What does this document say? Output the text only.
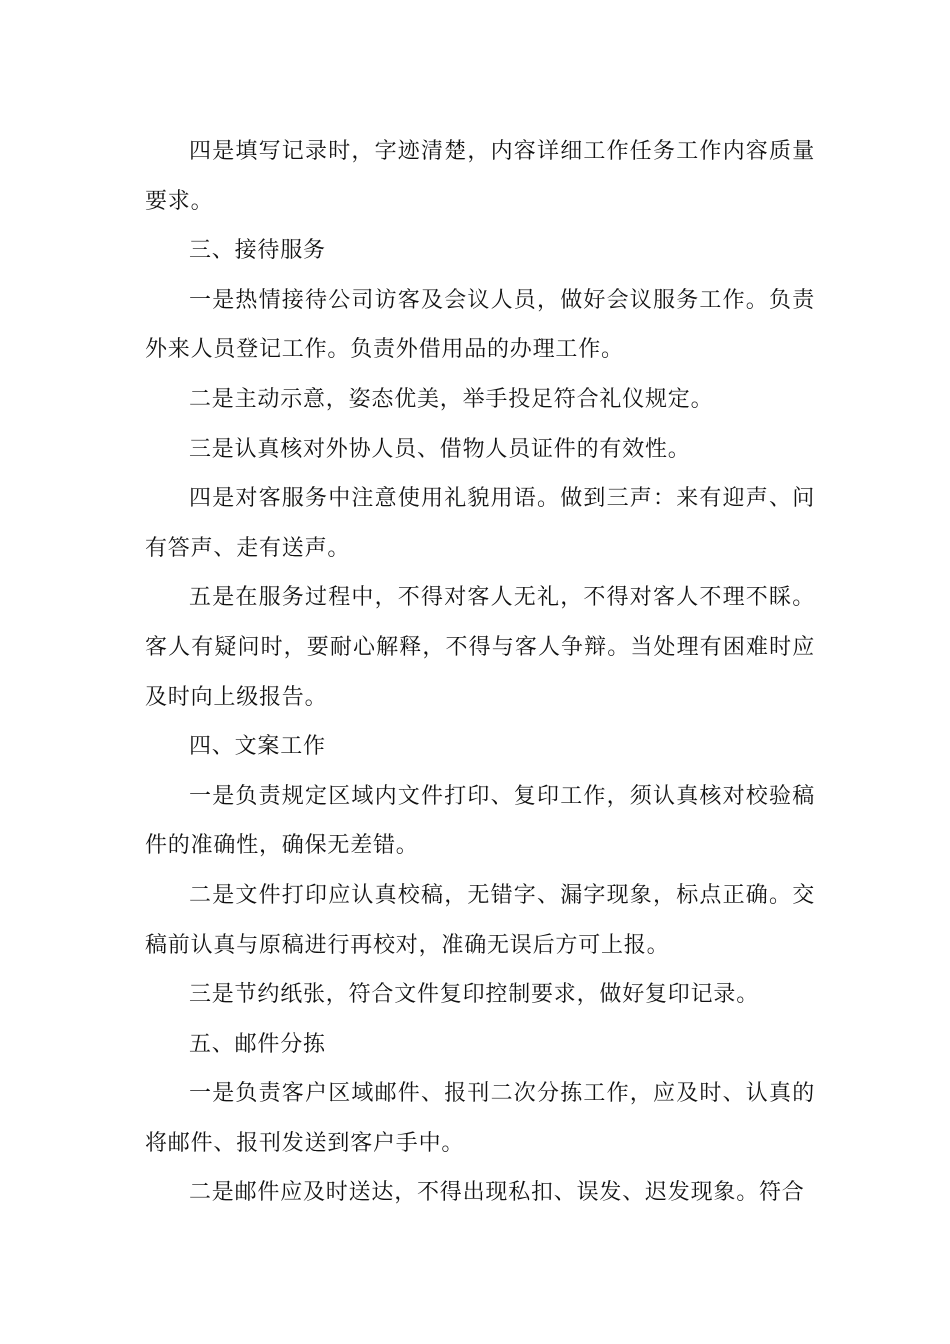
四是填写记录时，字迹清楚，内容详细工作任务工作内容质量要求。

三、接待服务

一是热情接待公司访客及会议人员，做好会议服务工作。负责外来人员登记工作。负责外借用品的办理工作。

二是主动示意，姿态优美，举手投足符合礼仪规定。

三是认真核对外协人员、借物人员证件的有效性。

四是对客服务中注意使用礼貌用语。做到三声：来有迎声、问有答声、走有送声。

五是在服务过程中，不得对客人无礼，不得对客人不理不睬。客人有疑问时，要耐心解释，不得与客人争辩。当处理有困难时应及时向上级报告。

四、文案工作

一是负责规定区域内文件打印、复印工作，须认真核对校验稿件的准确性，确保无差错。

二是文件打印应认真校稿，无错字、漏字现象，标点正确。交稿前认真与原稿进行再校对，准确无误后方可上报。

三是节约纸张，符合文件复印控制要求，做好复印记录。

五、邮件分拣

一是负责客户区域邮件、报刊二次分拣工作，应及时、认真的将邮件、报刊发送到客户手中。

二是邮件应及时送达，不得出现私扣、误发、迟发现象。符合
